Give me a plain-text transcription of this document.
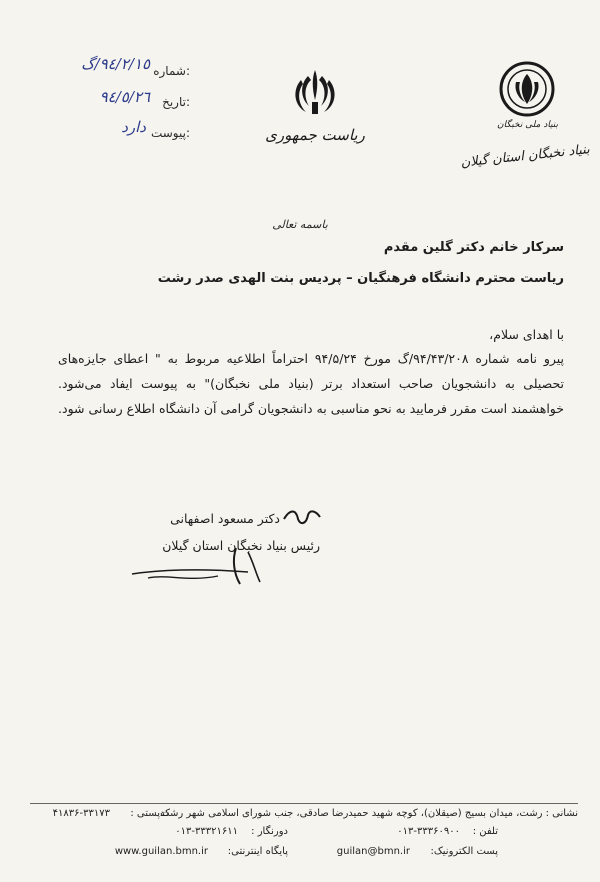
:شماره
٩٤/٢/١٥/گ
:تاریخ
٩٤/٥/٢٦
:پیوست
دارد	ریاست جمهوری
بنیاد ملی نخبگان
بنیاد نخبگان استان گیلان
باسمه تعالی
سرکار خانم دکتر گلین مقدم
ریاست محترم دانشگاه فرهنگیان – پردیس بنت الهدی صدر رشت
با اهدای سلام،
پیرو نامه شماره ۹۴/۴۳/۲۰۸/گ مورخ ۹۴/۵/۲۴ احتراماً اطلاعیه مربوط به " اعطای جایزه‌های تحصیلی به دانشجویان صاحب استعداد برتر (بنیاد ملی نخبگان)" به پیوست ایفاد می‌شود. خواهشمند است مقرر فرمایید به نحو مناسبی به دانشجویان گرامی آن دانشگاه اطلاع رسانی شود.
دکتر مسعود اصفهانی
رئیس بنیاد نخبگان استان گیلان
نشانی : رشت، میدان بسیج (صیقلان)، کوچه شهید حمیدرضا صادقی، جنب شورای اسلامی شهر رشت
کدپستی :
۴۱۸۳۶-۳۳۱۷۳
تلفن :
۰۱۳-۳۳۳۶۰۹۰۰
دورنگار :
۰۱۳-۳۳۳۲۱۶۱۱
پست الکترونیک:
guilan@bmn.ir
پایگاه اینترنتی:
www.guilan.bmn.ir
